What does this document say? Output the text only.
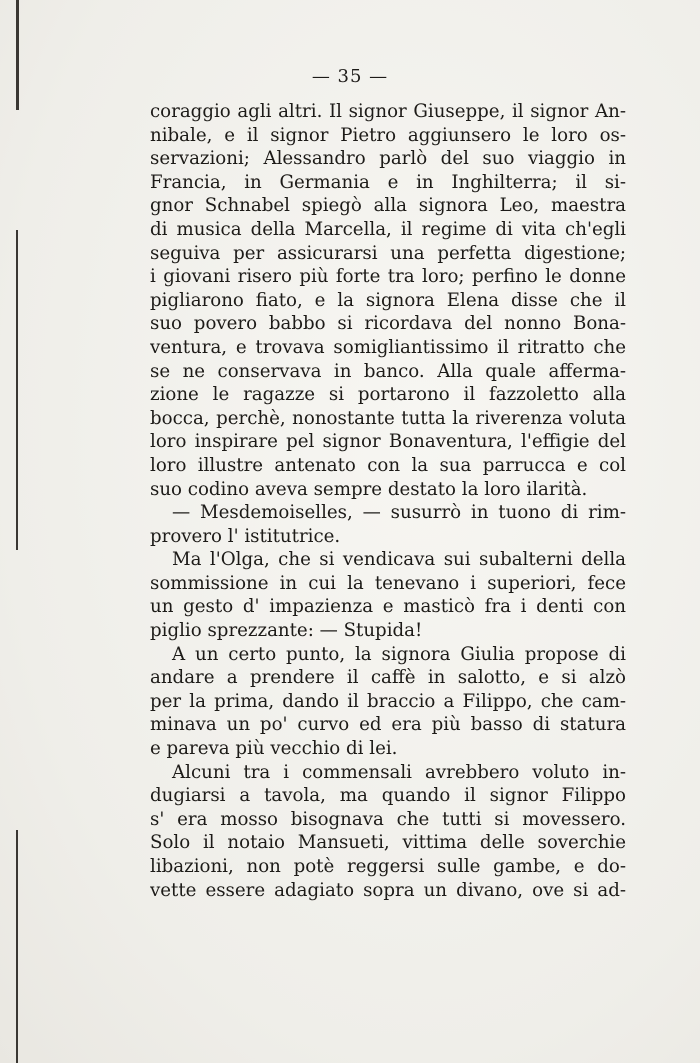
— 35 —
coraggio agli altri. Il signor Giuseppe, il signor An-
nibale, e il signor Pietro aggiunsero le loro os-
servazioni; Alessandro parlò del suo viaggio in
Francia, in Germania e in Inghilterra; il si-
gnor Schnabel spiegò alla signora Leo, maestra
di musica della Marcella, il regime di vita ch'egli
seguiva per assicurarsi una perfetta digestione;
i giovani risero più forte tra loro; perfino le donne
pigliarono fiato, e la signora Elena disse che il
suo povero babbo si ricordava del nonno Bona-
ventura, e trovava somigliantissimo il ritratto che
se ne conservava in banco. Alla quale afferma-
zione le ragazze si portarono il fazzoletto alla
bocca, perchè, nonostante tutta la riverenza voluta
loro inspirare pel signor Bonaventura, l'effigie del
loro illustre antenato con la sua parrucca e col
suo codino aveva sempre destato la loro ilarità.
— Mesdemoiselles, — susurrò in tuono di rim-
provero l' istitutrice.
Ma l'Olga, che si vendicava sui subalterni della
sommissione in cui la tenevano i superiori, fece
un gesto d' impazienza e masticò fra i denti con
piglio sprezzante: — Stupida!
A un certo punto, la signora Giulia propose di
andare a prendere il caffè in salotto, e si alzò
per la prima, dando il braccio a Filippo, che cam-
minava un po' curvo ed era più basso di statura
e pareva più vecchio di lei.
Alcuni tra i commensali avrebbero voluto in-
dugiarsi a tavola, ma quando il signor Filippo
s' era mosso bisognava che tutti si movessero.
Solo il notaio Mansueti, vittima delle soverchie
libazioni, non potè reggersi sulle gambe, e do-
vette essere adagiato sopra un divano, ove si ad-
